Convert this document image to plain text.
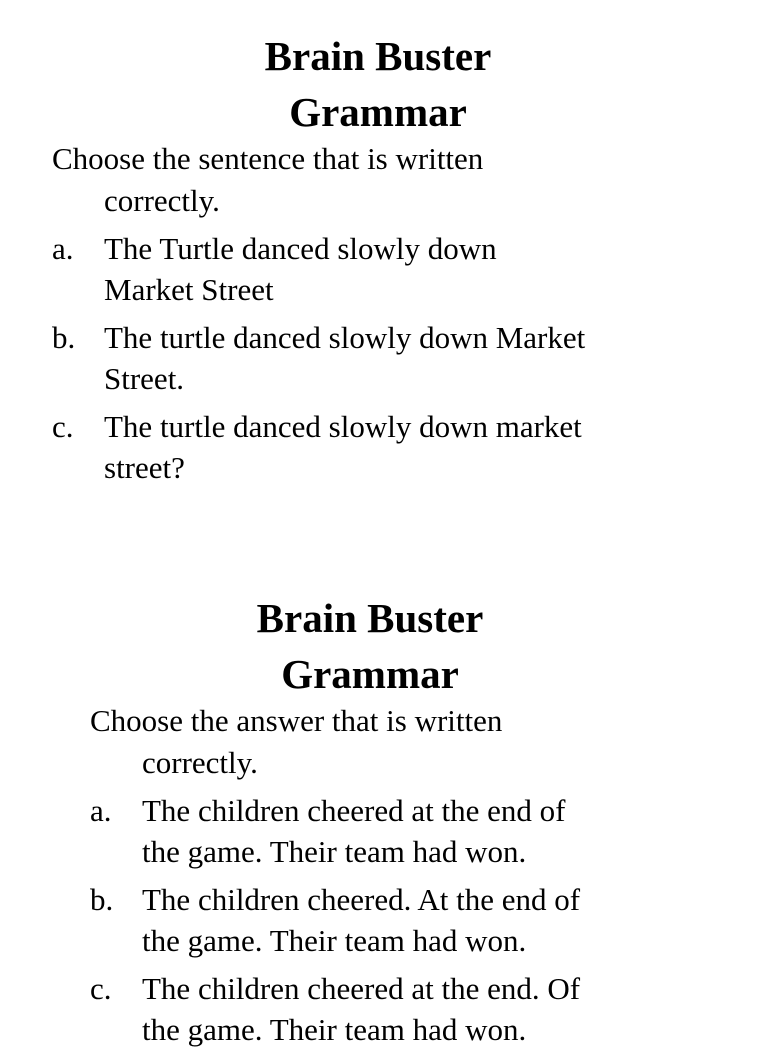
Brain Buster
Grammar

Choose the sentence that is written
correctly.

a. The Turtle danced slowly down
Market Street
b. The turtle danced slowly down Market
Street.
c. The turtle danced slowly down market
street?
Brain Buster
Grammar

Choose the answer that is written
correctly.

a. The children cheered at the end of
the game. Their team had won.
b. The children cheered. At the end of
the game. Their team had won.
c. The children cheered at the end. Of
the game. Their team had won.
